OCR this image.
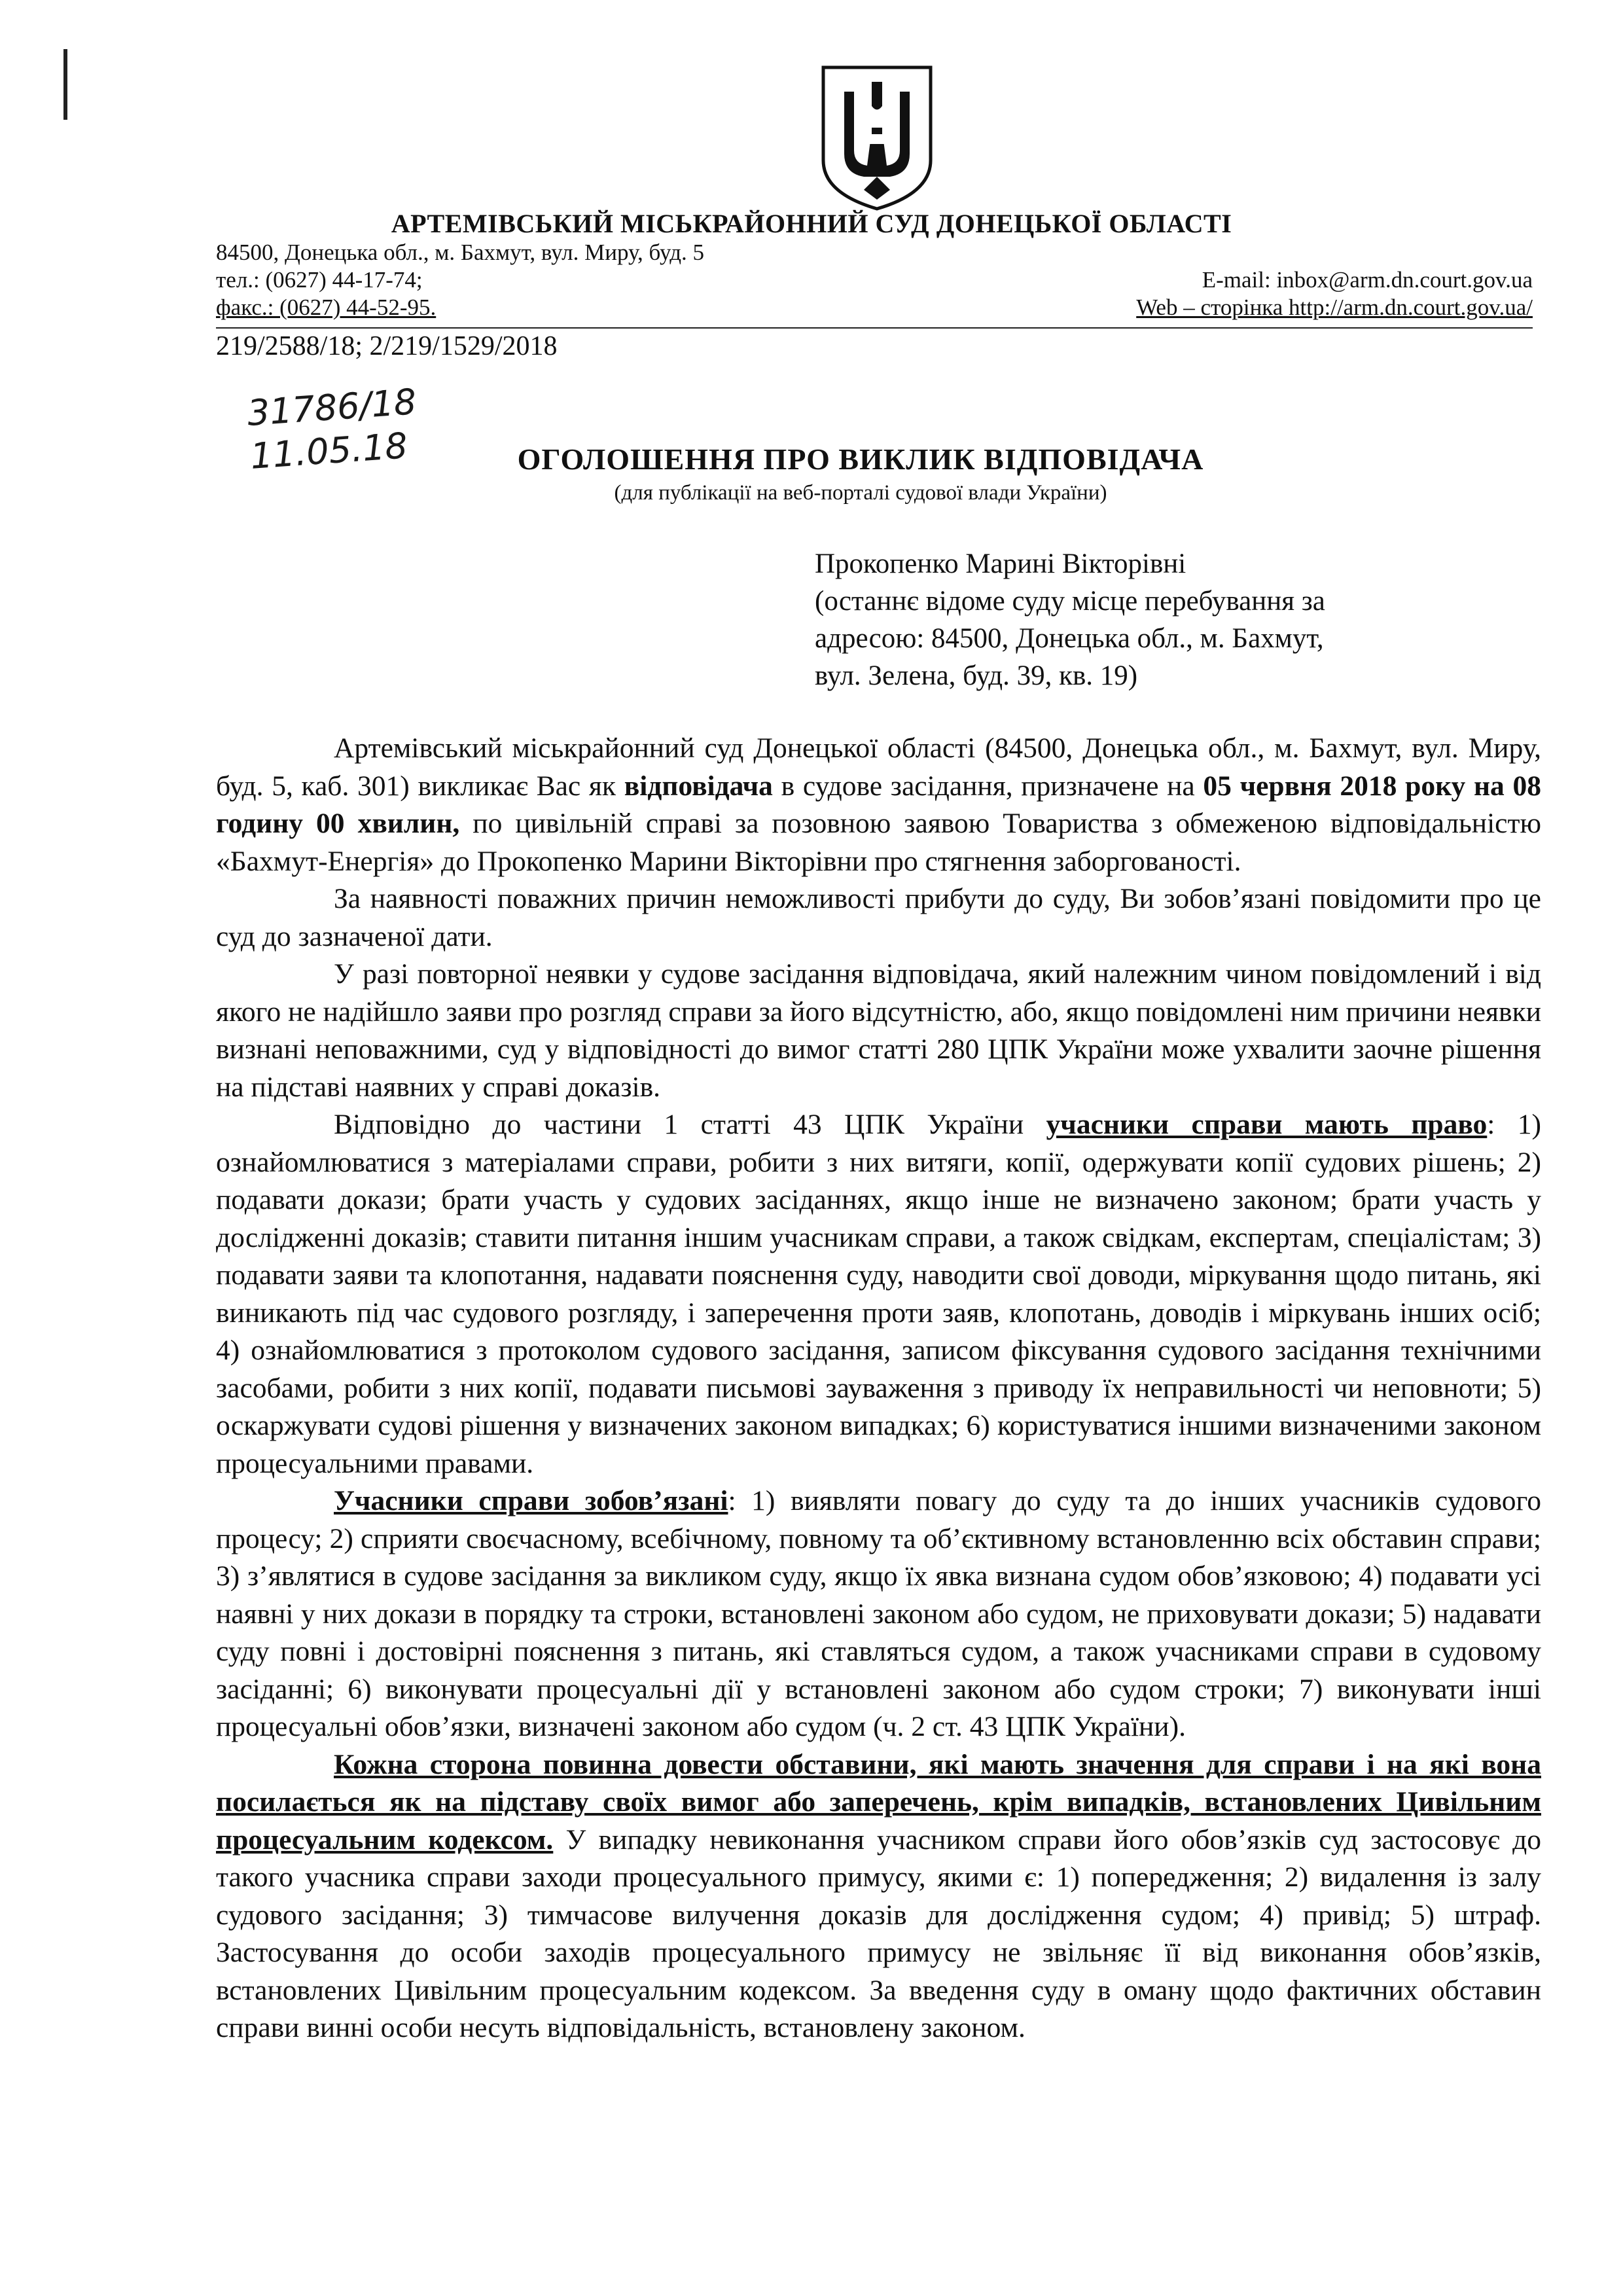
АРТЕМІВСЬКИЙ МІСЬКРАЙОННИЙ СУД ДОНЕЦЬКОЇ ОБЛАСТІ
84500, Донецька обл., м. Бахмут, вул. Миру, буд. 5
тел.: (0627) 44-17-74;
факс.: (0627) 44-52-95.
E-mail: inbox@arm.dn.court.gov.ua
Web – сторінка http://arm.dn.court.gov.ua/
219/2588/18; 2/219/1529/2018
31786/18
11.05.18	ОГОЛОШЕННЯ ПРО ВИКЛИК ВІДПОВІДАЧА
(для публікації на веб-порталі судової влади України)
Прокопенко Марині Вікторівні
(останнє відоме суду місце перебування за
адресою: 84500, Донецька обл., м. Бахмут,
вул. Зелена, буд. 39, кв. 19)

Артемівський міськрайонний суд Донецької області (84500, Донецька обл., м. Бахмут, вул. Миру, буд. 5, каб. 301) викликає Вас як відповідача в судове засідання, призначене на 05 червня 2018 року на 08 годину 00 хвилин, по цивільній справі за позовною заявою Товариства з обмеженою відповідальністю «Бахмут-Енергія» до Прокопенко Марини Вікторівни про стягнення заборгованості.

За наявності поважних причин неможливості прибути до суду, Ви зобов’язані повідомити про це суд до зазначеної дати.

У разі повторної неявки у судове засідання відповідача, який належним чином повідомлений і від якого не надійшло заяви про розгляд справи за його відсутністю, або, якщо повідомлені ним причини неявки визнані неповажними, суд у відповідності до вимог статті 280 ЦПК України може ухвалити заочне рішення на підставі наявних у справі доказів.

Відповідно до частини 1 статті 43 ЦПК України учасники справи мають право: 1) ознайомлюватися з матеріалами справи, робити з них витяги, копії, одержувати копії судових рішень; 2) подавати докази; брати участь у судових засіданнях, якщо інше не визначено законом; брати участь у дослідженні доказів; ставити питання іншим учасникам справи, а також свідкам, експертам, спеціалістам; 3) подавати заяви та клопотання, надавати пояснення суду, наводити свої доводи, міркування щодо питань, які виникають під час судового розгляду, і заперечення проти заяв, клопотань, доводів і міркувань інших осіб; 4) ознайомлюватися з протоколом судового засідання, записом фіксування судового засідання технічними засобами, робити з них копії, подавати письмові зауваження з приводу їх неправильності чи неповноти; 5) оскаржувати судові рішення у визначених законом випадках; 6) користуватися іншими визначеними законом процесуальними правами.

Учасники справи зобов’язані: 1) виявляти повагу до суду та до інших учасників судового процесу; 2) сприяти своєчасному, всебічному, повному та об’єктивному встановленню всіх обставин справи; 3) з’являтися в судове засідання за викликом суду, якщо їх явка визнана судом обов’язковою; 4) подавати усі наявні у них докази в порядку та строки, встановлені законом або судом, не приховувати докази; 5) надавати суду повні і достовірні пояснення з питань, які ставляться судом, а також учасниками справи в судовому засіданні; 6) виконувати процесуальні дії у встановлені законом або судом строки; 7) виконувати інші процесуальні обов’язки, визначені законом або судом (ч. 2 ст. 43 ЦПК України).

Кожна сторона повинна довести обставини, які мають значення для справи і на які вона посилається як на підставу своїх вимог або заперечень, крім випадків, встановлених Цивільним процесуальним кодексом. У випадку невиконання учасником справи його обов’язків суд застосовує до такого учасника справи заходи процесуального примусу, якими є: 1) попередження; 2) видалення із залу судового засідання; 3) тимчасове вилучення доказів для дослідження судом; 4) привід; 5) штраф. Застосування до особи заходів процесуального примусу не звільняє її від виконання обов’язків, встановлених Цивільним процесуальним кодексом. За введення суду в оману щодо фактичних обставин справи винні особи несуть відповідальність, встановлену законом.
